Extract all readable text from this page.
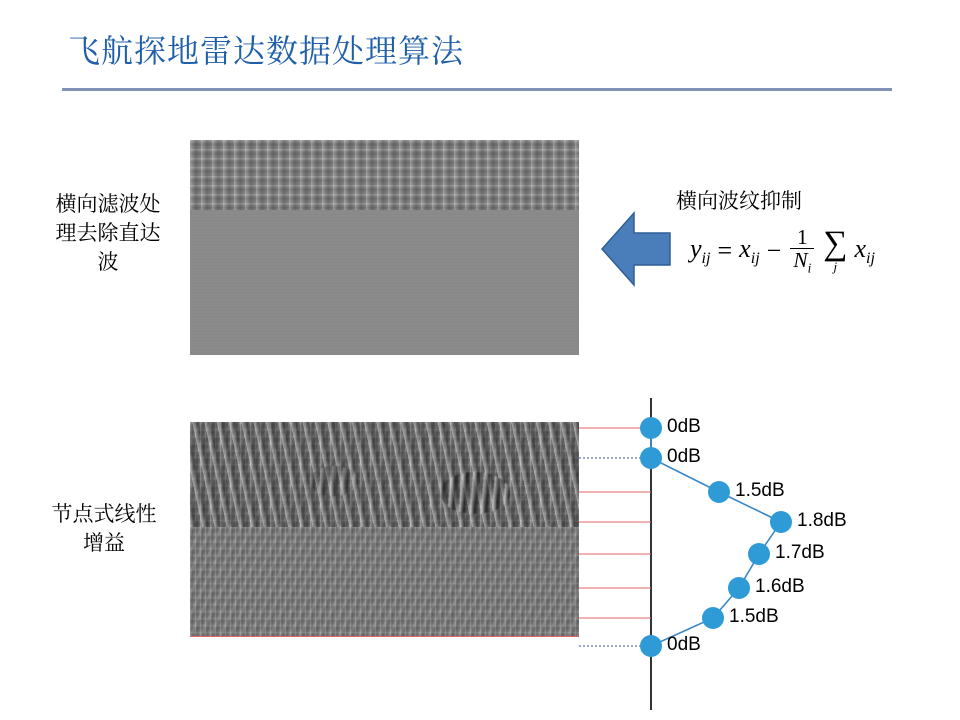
飞航探地雷达数据处理算法
横向滤波处理去除直达波
节点式线性增益
横向波纹抑制
$y_{ij} = x_{ij} - \frac{1}{N_i}$ ∑
j
$x_{ij}$
0dB
0dB
1.5dB
1.8dB
1.7dB
1.6dB
1.5dB
0dB
